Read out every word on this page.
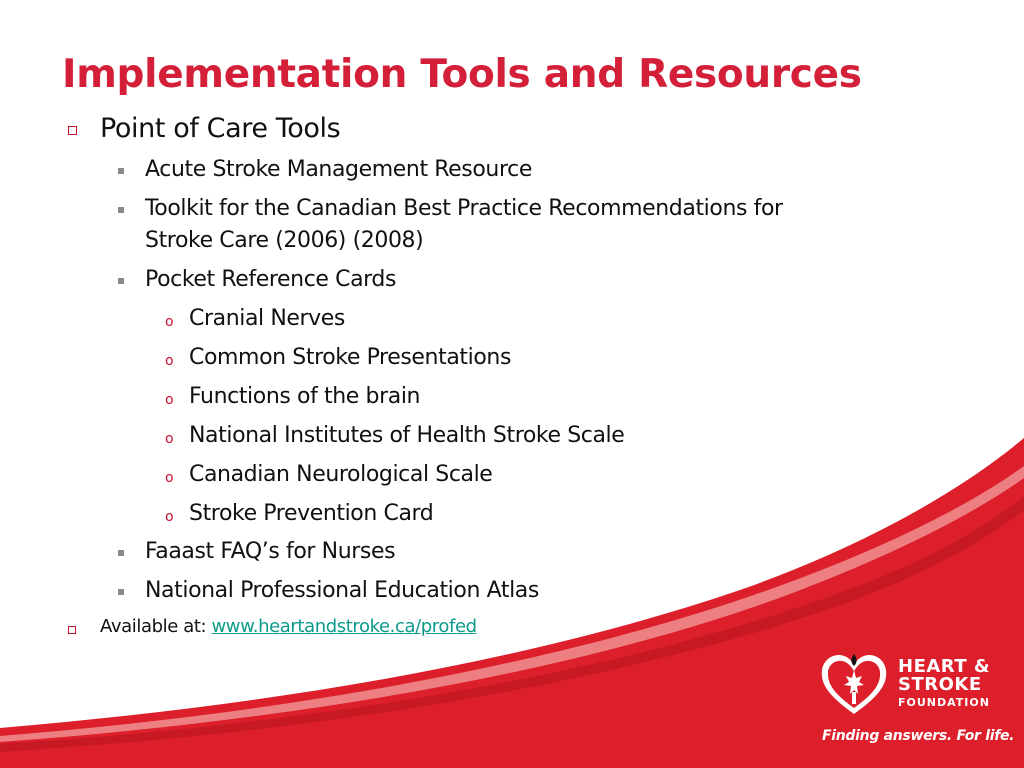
Implementation Tools and Resources
Point of Care Tools
Acute Stroke Management Resource
Toolkit for the Canadian Best Practice Recommendations for
Stroke Care (2006) (2008)
Pocket Reference Cards
o Cranial Nerves
o Common Stroke Presentations
o Functions of the brain
o National Institutes of Health Stroke Scale
o Canadian Neurological Scale
o Stroke Prevention Card
Faaast FAQ’s for Nurses
National Professional Education Atlas
Available at: www.heartandstroke.ca/profed
HEART &
STROKE
FOUNDATION
Finding answers. For life.
